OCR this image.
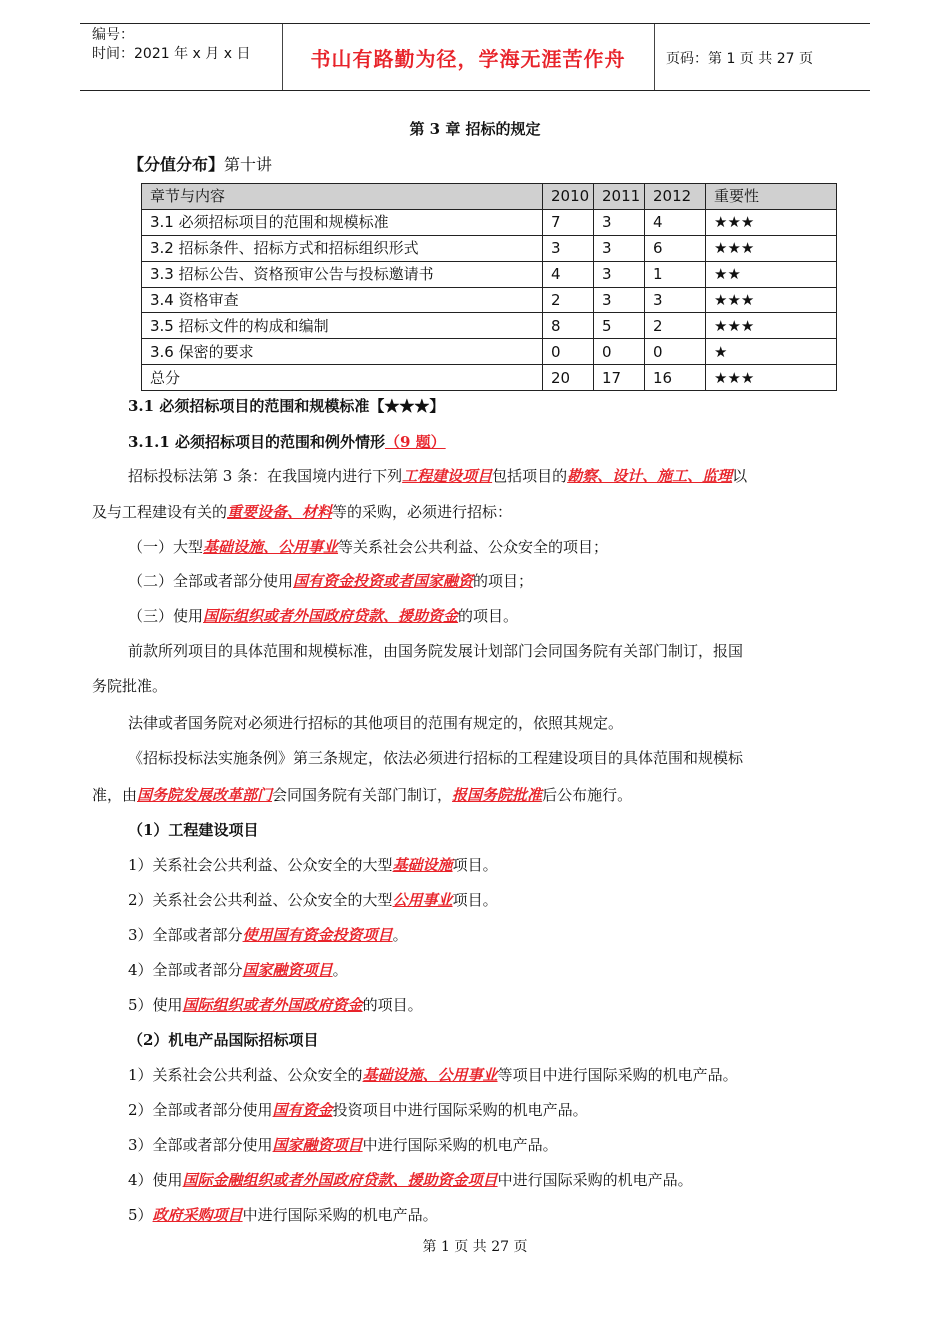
编号：
时间：2021 年 x 月 x 日	书山有路勤为径，学海无涯苦作舟	页码：第 1 页 共 27 页
第 3 章 招标的规定
【分值分布】第十讲
章节与内容	2010	2011	2012	重要性
3.1 必须招标项目的范围和规模标准	7	3	4	★★★
3.2 招标条件、招标方式和招标组织形式	3	3	6	★★★
3.3 招标公告、资格预审公告与投标邀请书	4	3	1	★★
3.4 资格审查	2	3	3	★★★
3.5 招标文件的构成和编制	8	5	2	★★★
3.6 保密的要求	0	0	0	★
总分	20	17	16	★★★
3.1 必须招标项目的范围和规模标准【★★★】
3.1.1 必须招标项目的范围和例外情形（9 题）
招标投标法第 3 条：在我国境内进行下列工程建设项目包括项目的勘察、设计、施工、监理以
及与工程建设有关的重要设备、材料等的采购，必须进行招标：
（一）大型基础设施、公用事业等关系社会公共利益、公众安全的项目；
（二）全部或者部分使用国有资金投资或者国家融资的项目；
（三）使用国际组织或者外国政府贷款、援助资金的项目。
前款所列项目的具体范围和规模标准，由国务院发展计划部门会同国务院有关部门制订，报国
务院批准。
法律或者国务院对必须进行招标的其他项目的范围有规定的，依照其规定。
《招标投标法实施条例》第三条规定，依法必须进行招标的工程建设项目的具体范围和规模标
准，由国务院发展改革部门会同国务院有关部门制订，报国务院批准后公布施行。
（1）工程建设项目
1）关系社会公共利益、公众安全的大型基础设施项目。
2）关系社会公共利益、公众安全的大型公用事业项目。
3）全部或者部分使用国有资金投资项目。
4）全部或者部分国家融资项目。
5）使用国际组织或者外国政府资金的项目。
（2）机电产品国际招标项目
1）关系社会公共利益、公众安全的基础设施、公用事业等项目中进行国际采购的机电产品。
2）全部或者部分使用国有资金投资项目中进行国际采购的机电产品。
3）全部或者部分使用国家融资项目中进行国际采购的机电产品。
4）使用国际金融组织或者外国政府贷款、援助资金项目中进行国际采购的机电产品。
5）政府采购项目中进行国际采购的机电产品。
第 1 页 共 27 页
